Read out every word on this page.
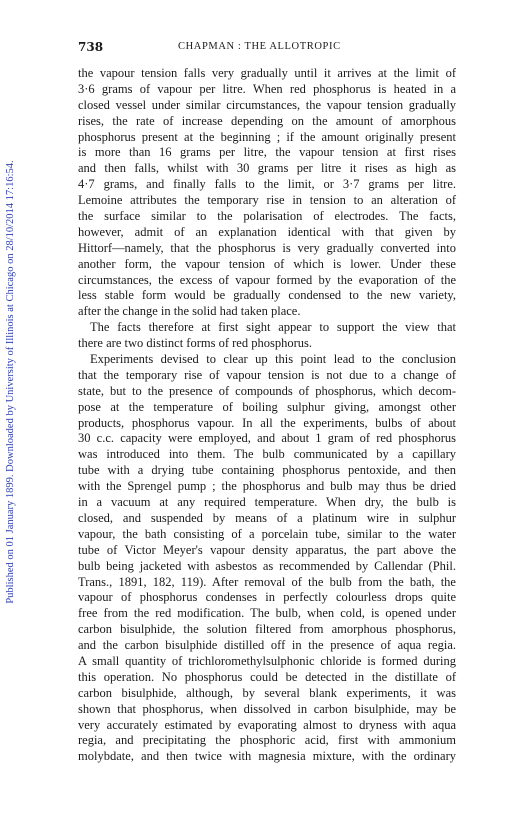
Published on 01 January 1899. Downloaded by University of Illinois at Chicago on 28/10/2014 17:16:54.
738	CHAPMAN : THE ALLOTROPIC
the vapour tension falls very gradually until it arrives at the limit of
3·6 grams of vapour per litre. When red phosphorus is heated in a
closed vessel under similar circumstances, the vapour tension gradually
rises, the rate of increase depending on the amount of amorphous
phosphorus present at the beginning ; if the amount originally present
is more than 16 grams per litre, the vapour tension at first rises
and then falls, whilst with 30 grams per litre it rises as high as
4·7 grams, and finally falls to the limit, or 3·7 grams per litre.
Lemoine attributes the temporary rise in tension to an alteration of
the surface similar to the polarisation of electrodes. The facts,
however, admit of an explanation identical with that given by
Hittorf—namely, that the phosphorus is very gradually converted into
another form, the vapour tension of which is lower. Under these
circumstances, the excess of vapour formed by the evaporation of the
less stable form would be gradually condensed to the new variety,
after the change in the solid had taken place.
The facts therefore at first sight appear to support the view that
there are two distinct forms of red phosphorus.
Experiments devised to clear up this point lead to the conclusion
that the temporary rise of vapour tension is not due to a change of
state, but to the presence of compounds of phosphorus, which decom-
pose at the temperature of boiling sulphur giving, amongst other
products, phosphorus vapour. In all the experiments, bulbs of about
30 c.c. capacity were employed, and about 1 gram of red phosphorus
was introduced into them. The bulb communicated by a capillary
tube with a drying tube containing phosphorus pentoxide, and then
with the Sprengel pump ; the phosphorus and bulb may thus be dried
in a vacuum at any required temperature. When dry, the bulb is
closed, and suspended by means of a platinum wire in sulphur
vapour, the bath consisting of a porcelain tube, similar to the water
tube of Victor Meyer's vapour density apparatus, the part above the
bulb being jacketed with asbestos as recommended by Callendar (Phil.
Trans., 1891, 182, 119). After removal of the bulb from the bath, the
vapour of phosphorus condenses in perfectly colourless drops quite
free from the red modification. The bulb, when cold, is opened under
carbon bisulphide, the solution filtered from amorphous phosphorus,
and the carbon bisulphide distilled off in the presence of aqua regia.
A small quantity of trichloromethylsulphonic chloride is formed during
this operation. No phosphorus could be detected in the distillate of
carbon bisulphide, although, by several blank experiments, it was
shown that phosphorus, when dissolved in carbon bisulphide, may be
very accurately estimated by evaporating almost to dryness with aqua
regia, and precipitating the phosphoric acid, first with ammonium
molybdate, and then twice with magnesia mixture, with the ordinary
